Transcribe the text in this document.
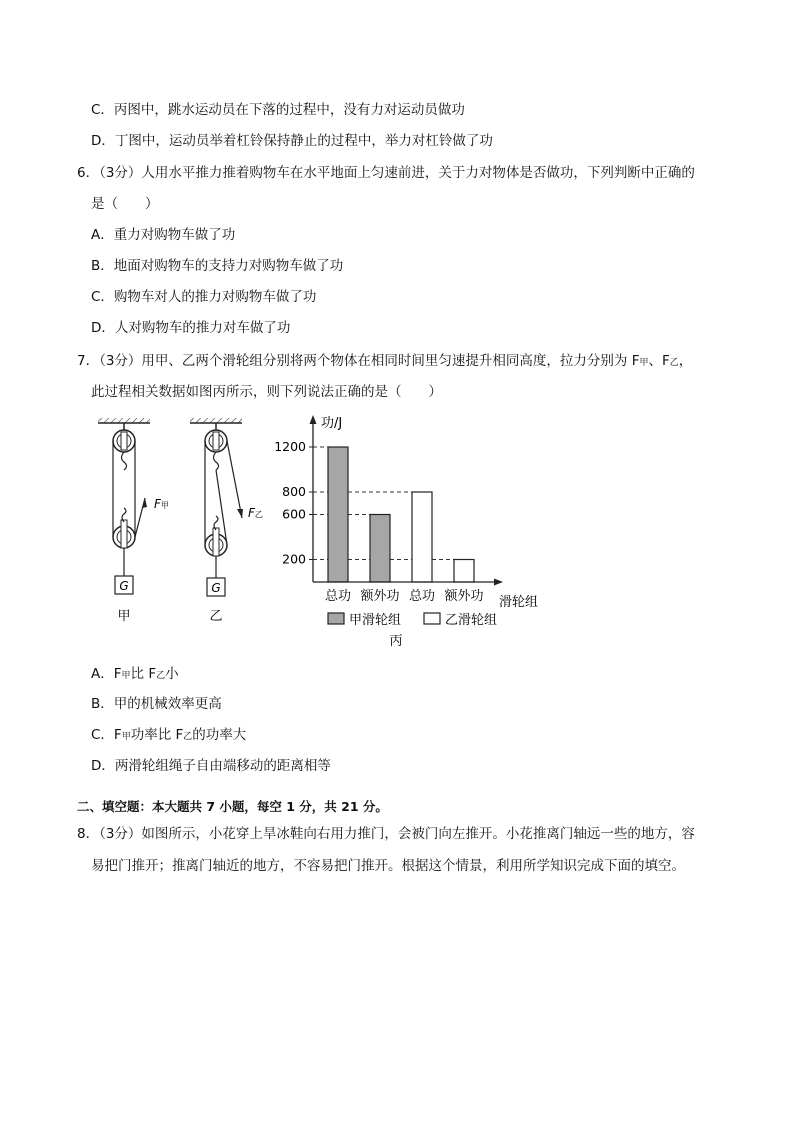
C．丙图中，跳水运动员在下落的过程中，没有力对运动员做功
D．丁图中，运动员举着杠铃保持静止的过程中，举力对杠铃做了功
6．（3分）人用水平推力推着购物车在水平地面上匀速前进，关于力对物体是否做功，下列判断中正确的
是（　　）
A．重力对购物车做了功
B．地面对购物车的支持力对购物车做了功
C．购物车对人的推力对购物车做了功
D．人对购物车的推力对车做了功
7．（3分）用甲、乙两个滑轮组分别将两个物体在相同时间里匀速提升相同高度，拉力分别为 F甲、F乙，
此过程相关数据如图丙所示，则下列说法正确的是（　　）
G
F甲
甲
G
F乙
乙
总功 额外功 总功 额外功
200
600
800
1200
功/J
滑轮组
丙
甲滑轮组	乙滑轮组
A．F甲比 F乙小
B．甲的机械效率更高
C．F甲功率比 F乙的功率大
D．两滑轮组绳子自由端移动的距离相等
二、填空题：本大题共 7 小题，每空 1 分，共 21 分。
8．（3分）如图所示，小花穿上旱冰鞋向右用力推门，会被门向左推开。小花推离门轴远一些的地方，容
易把门推开；推离门轴近的地方，不容易把门推开。根据这个情景，利用所学知识完成下面的填空。
